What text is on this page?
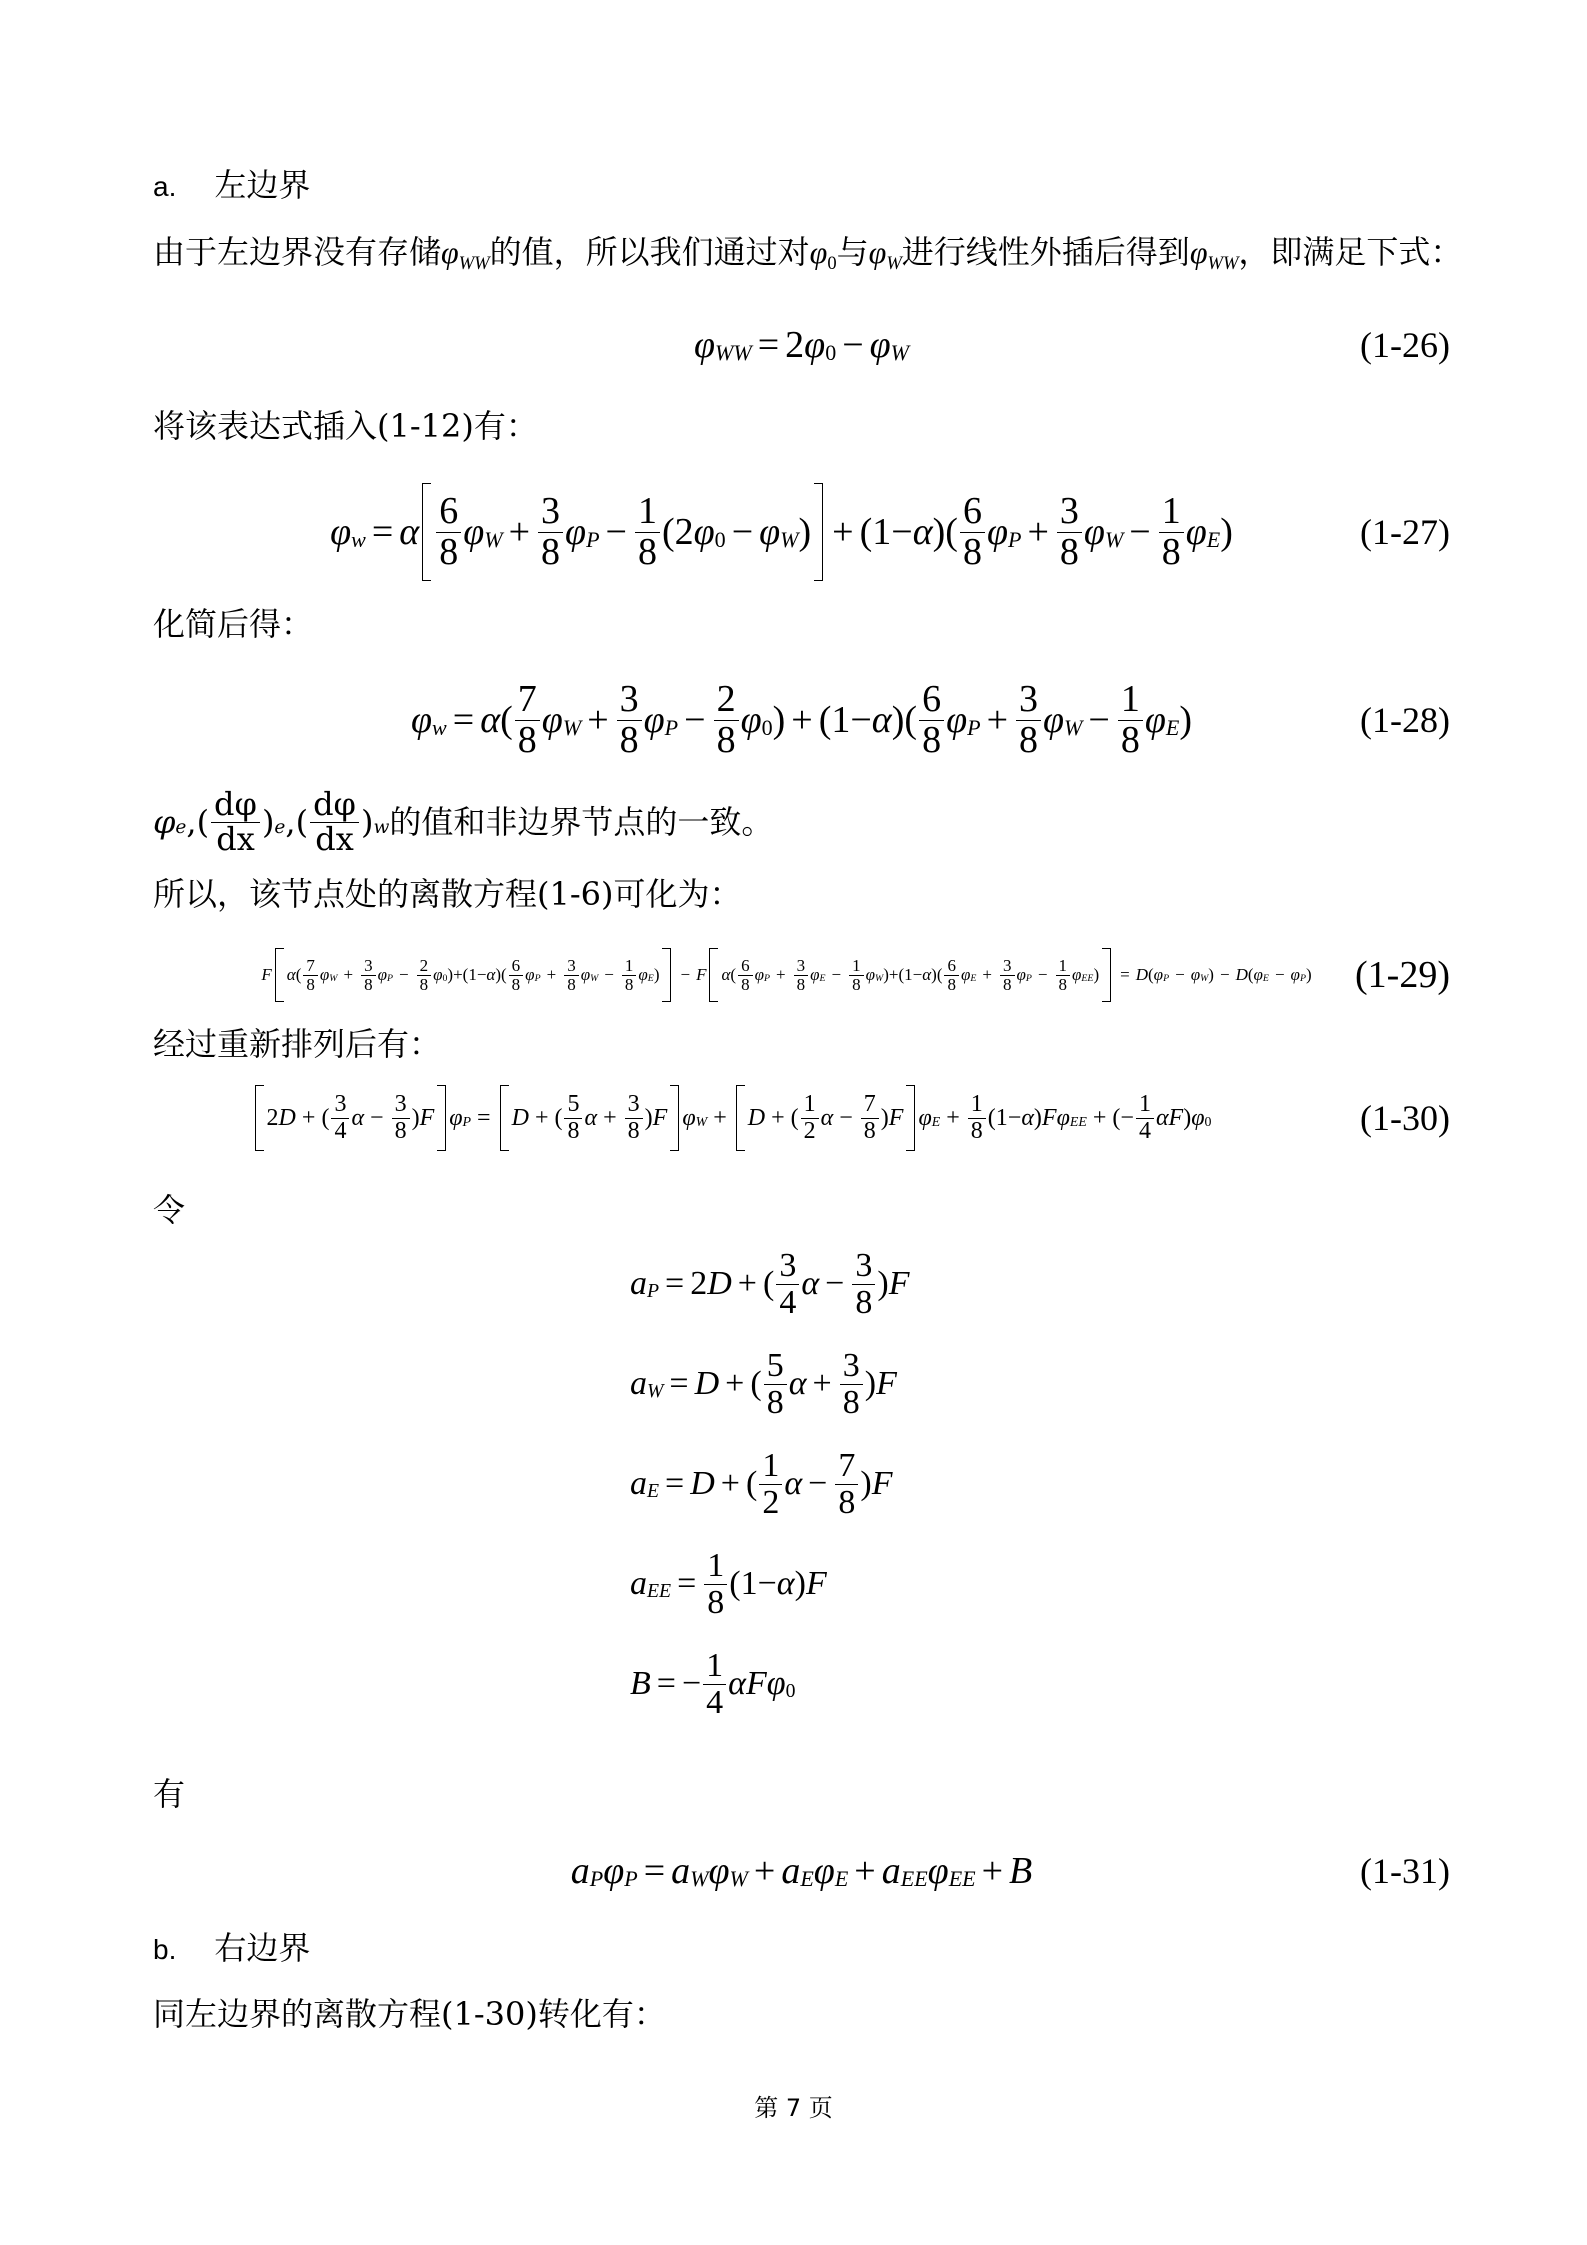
a. 左边界
由于左边界没有存储$\varphi_{WW}$的值，所以我们通过对$\varphi_0$与$\varphi_W$进行线性外插后得到$\varphi_{WW}$，即满足下式：
φ WW = 2 φ 0 − φ W	(1-26)
将该表达式插入(1-12)有：
φ w = α $\frac{6}{8}$ φ $W + \frac{3}{8}$ φ $P - \frac{1}{8} (2$ φ 0 − φ W ) + (1− α )( $\frac{6}{8}$ φ $P + \frac{3}{8}$ φ $W - \frac{1}{8}$ φ E )	(1-27)
化简后得：
φ w = α ( $\frac{7}{8}$ φ $W + \frac{3}{8}$ φ $P - \frac{2}{8}$ φ 0 ) + (1− α )( $\frac{6}{8}$ φ $P + \frac{3}{8}$ φ $W - \frac{1}{8}$ φ E )	(1-28)
φ e ,( $\frac{d\varphi}{dx}$ ) e ,( $\frac{d\varphi}{dx}$ ) w 的值和非边界节点的一致。
所以，该节点处的离散方程(1-6)可化为：
F α ( $\frac{7}{8}$ φ $W + \frac{3}{8}$ φ $P - \frac{2}{8}$ φ 0 )+(1− α )( $\frac{6}{8}$ φ $P + \frac{3}{8}$ φ $W - \frac{1}{8}$ φ E ) − F α ( $\frac{6}{8}$ φ $P + \frac{3}{8}$ φ $E - \frac{1}{8}$ φ W )+(1− α )( $\frac{6}{8}$ φ $E + \frac{3}{8}$ φ $P - \frac{1}{8}$ φ EE ) = D ( φ P − φ W ) − D ( φ E − φ P ) (1-29)
经过重新排列后有：
2 D + ( $\frac{3}{4}$ $\alpha - \frac{3}{8}$ ) F φ P = D + ( $\frac{5}{8}$ $\alpha + \frac{3}{8}$ ) F φ W + D + ( $\frac{1}{2}$ $\alpha - \frac{7}{8}$ ) F φ $E + \frac{1}{8} (1- \alpha$ ) Fφ EE + (− $\frac{1}{4}$ αF ) φ 0	(1-30)
令
a P = 2 D + ( $\frac{3}{4}$ $\alpha - \frac{3}{8}$ ) F
a W = D + ( $\frac{5}{8}$ $\alpha + \frac{3}{8}$ ) F
a E = D + ( $\frac{1}{2}$ $\alpha - \frac{7}{8}$ ) F
a EE = $\frac{1}{8} (1- \alpha$ ) F
B = − $\frac{1}{4}$ αFφ 0
有
a P φ P = a W φ W + a E φ E + a EE φ EE + B	(1-31)
b. 右边界
同左边界的离散方程(1-30)转化有：
第 7 页
